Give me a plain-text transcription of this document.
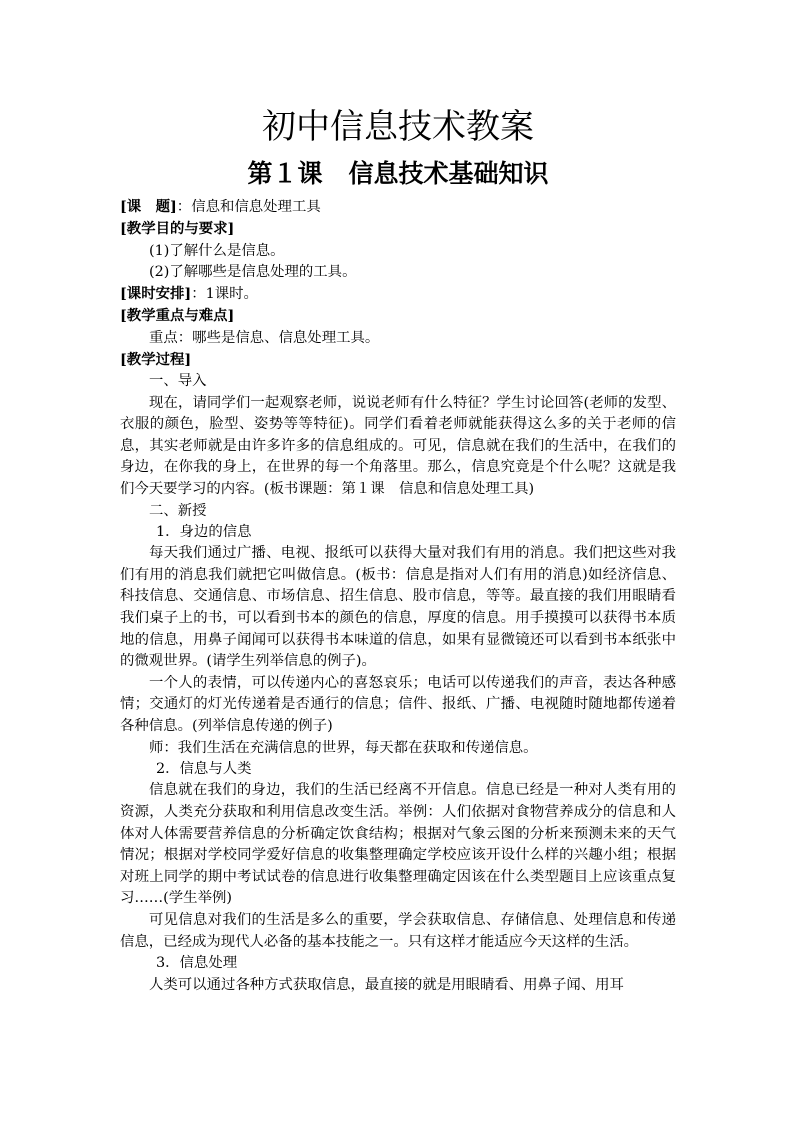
初中信息技术教案
第１课 信息技术基础知识

[课　题]：信息和信息处理工具

[教学目的与要求]

(1)了解什么是信息。

(2)了解哪些是信息处理的工具。

[课时安排]：1课时。

[教学重点与难点]

重点：哪些是信息、信息处理工具。

[教学过程]

一、导入

现在，请同学们一起观察老师，说说老师有什么特征？学生讨论回答(老师的发型、衣服的颜色，脸型、姿势等等特征)。同学们看着老师就能获得这么多的关于老师的信息，其实老师就是由许多许多的信息组成的。可见，信息就在我们的生活中，在我们的身边，在你我的身上，在世界的每一个角落里。那么，信息究竟是个什么呢？这就是我们今天要学习的内容。(板书课题：第１课　信息和信息处理工具)

二、新授

1．身边的信息

每天我们通过广播、电视、报纸可以获得大量对我们有用的消息。我们把这些对我们有用的消息我们就把它叫做信息。(板书：信息是指对人们有用的消息)如经济信息、科技信息、交通信息、市场信息、招生信息、股市信息，等等。最直接的我们用眼睛看我们桌子上的书，可以看到书本的颜色的信息，厚度的信息。用手摸摸可以获得书本质地的信息，用鼻子闻闻可以获得书本味道的信息，如果有显微镜还可以看到书本纸张中的微观世界。(请学生列举信息的例子)。

一个人的表情，可以传递内心的喜怒哀乐；电话可以传递我们的声音，表达各种感情；交通灯的灯光传递着是否通行的信息；信件、报纸、广播、电视随时随地都传递着各种信息。(列举信息传递的例子)

师：我们生活在充满信息的世界，每天都在获取和传递信息。

2．信息与人类

信息就在我们的身边，我们的生活已经离不开信息。信息已经是一种对人类有用的资源，人类充分获取和利用信息改变生活。举例：人们依据对食物营养成分的信息和人体对人体需要营养信息的分析确定饮食结构；根据对气象云图的分析来预测未来的天气情况；根据对学校同学爱好信息的收集整理确定学校应该开设什么样的兴趣小组；根据对班上同学的期中考试试卷的信息进行收集整理确定因该在什么类型题目上应该重点复习……(学生举例)

可见信息对我们的生活是多么的重要，学会获取信息、存储信息、处理信息和传递信息，已经成为现代人必备的基本技能之一。只有这样才能适应今天这样的生活。

3．信息处理

人类可以通过各种方式获取信息，最直接的就是用眼睛看、用鼻子闻、用耳
